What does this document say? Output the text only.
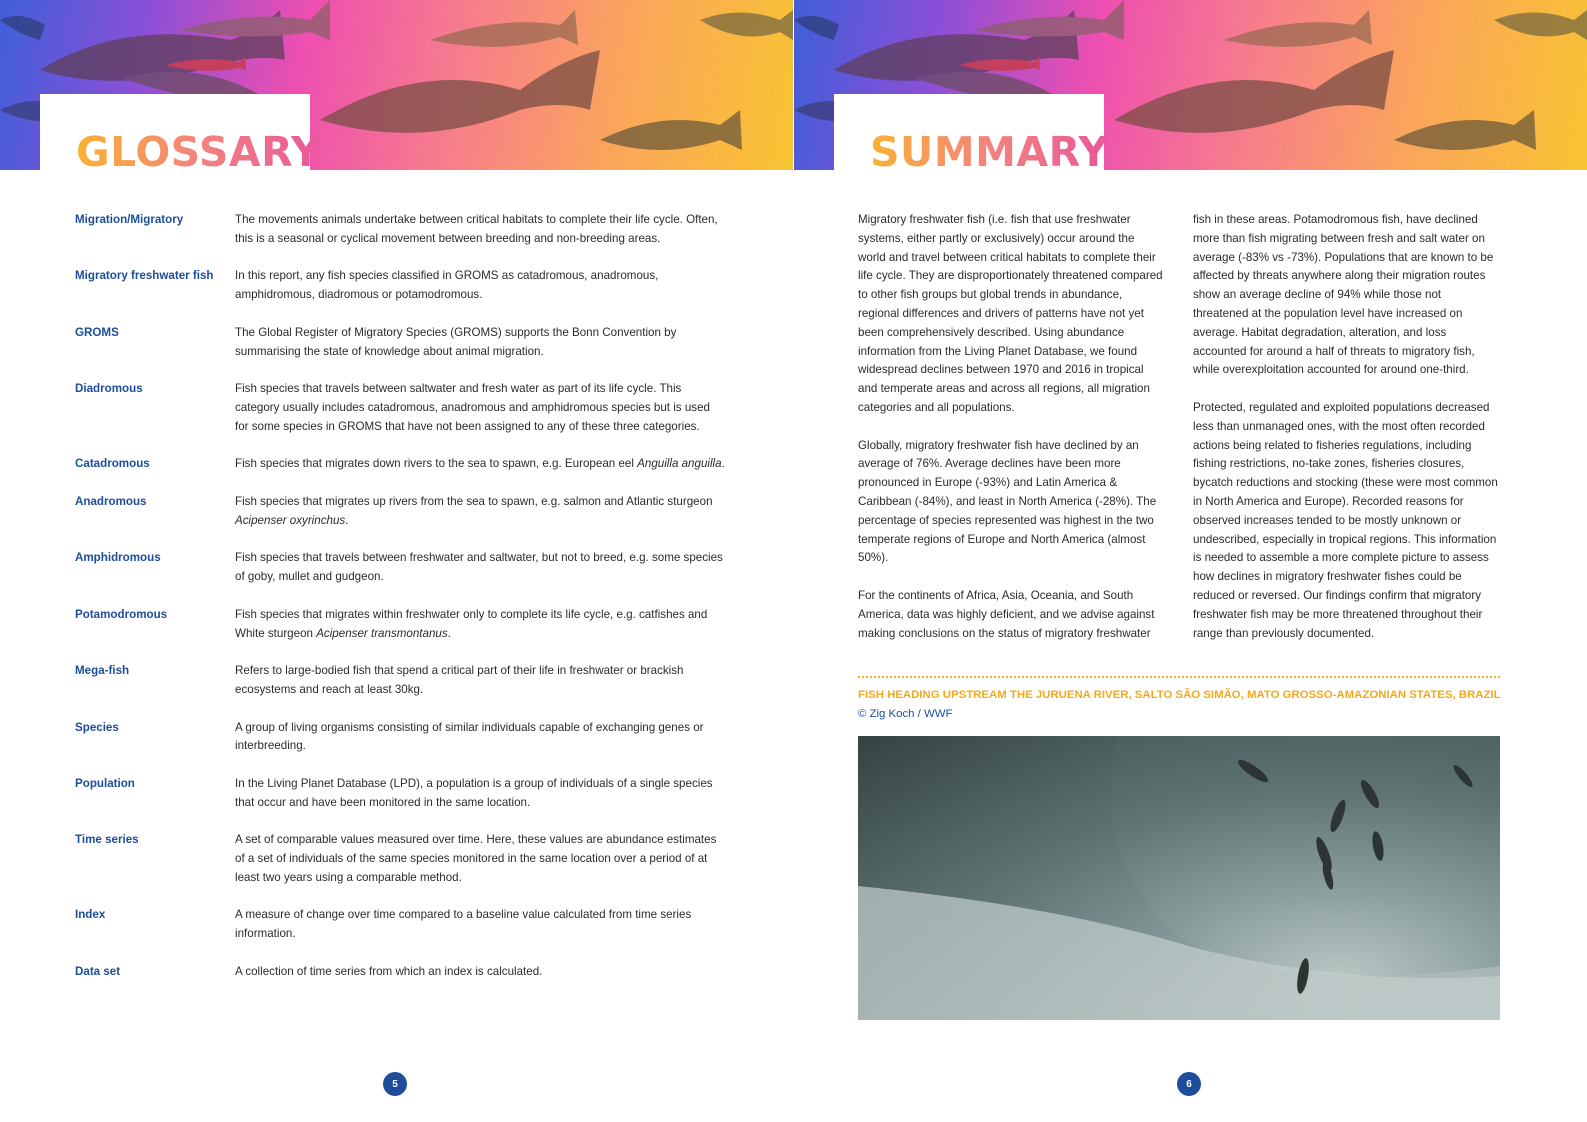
GLOSSARY
Migration/Migratory	The movements animals undertake between critical habitats to complete their life cycle. Often, this is a seasonal or cyclical movement between breeding and non-breeding areas.
Migratory freshwater fish	In this report, any fish species classified in GROMS as catadromous, anadromous, amphidromous, diadromous or potamodromous.
GROMS	The Global Register of Migratory Species (GROMS) supports the Bonn Convention by summarising the state of knowledge about animal migration.
Diadromous	Fish species that travels between saltwater and fresh water as part of its life cycle. This category usually includes catadromous, anadromous and amphidromous species but is used for some species in GROMS that have not been assigned to any of these three categories.
Catadromous	Fish species that migrates down rivers to the sea to spawn, e.g. European eel Anguilla anguilla.
Anadromous	Fish species that migrates up rivers from the sea to spawn, e.g. salmon and Atlantic sturgeon Acipenser oxyrinchus.
Amphidromous	Fish species that travels between freshwater and saltwater, but not to breed, e.g. some species of goby, mullet and gudgeon.
Potamodromous	Fish species that migrates within freshwater only to complete its life cycle, e.g. catfishes and White sturgeon Acipenser transmontanus.
Mega-fish	Refers to large-bodied fish that spend a critical part of their life in freshwater or brackish ecosystems and reach at least 30kg.
Species	A group of living organisms consisting of similar individuals capable of exchanging genes or interbreeding.
Population	In the Living Planet Database (LPD), a population is a group of individuals of a single species that occur and have been monitored in the same location.
Time series	A set of comparable values measured over time. Here, these values are abundance estimates of a set of individuals of the same species monitored in the same location over a period of at least two years using a comparable method.
Index	A measure of change over time compared to a baseline value calculated from time series information.
Data set	A collection of time series from which an index is calculated.
5
SUMMARY

Migratory freshwater fish (i.e. fish that use freshwater systems, either partly or exclusively) occur around the world and travel between critical habitats to complete their life cycle. They are disproportionately threatened compared to other fish groups but global trends in abundance, regional differences and drivers of patterns have not yet been comprehensively described. Using abundance information from the Living Planet Database, we found widespread declines between 1970 and 2016 in tropical and temperate areas and across all regions, all migration categories and all populations.

Globally, migratory freshwater fish have declined by an average of 76%. Average declines have been more pronounced in Europe (-93%) and Latin America & Caribbean (-84%), and least in North America (-28%). The percentage of species represented was highest in the two temperate regions of Europe and North America (almost 50%).

For the continents of Africa, Asia, Oceania, and South America, data was highly deficient, and we advise against making conclusions on the status of migratory freshwater

fish in these areas. Potamodromous fish, have declined more than fish migrating between fresh and salt water on average (-83% vs -73%). Populations that are known to be affected by threats anywhere along their migration routes show an average decline of 94% while those not threatened at the population level have increased on average. Habitat degradation, alteration, and loss accounted for around a half of threats to migratory fish, while overexploitation accounted for around one-third.

Protected, regulated and exploited populations decreased less than unmanaged ones, with the most often recorded actions being related to fisheries regulations, including fishing restrictions, no-take zones, fisheries closures, bycatch reductions and stocking (these were most common in North America and Europe). Recorded reasons for observed increases tended to be mostly unknown or undescribed, especially in tropical regions. This information is needed to assemble a more complete picture to assess how declines in migratory freshwater fishes could be reduced or reversed. Our findings confirm that migratory freshwater fish may be more threatened throughout their range than previously documented.

FISH HEADING UPSTREAM THE JURUENA RIVER, SALTO SÃO SIMÃO, MATO GROSSO-AMAZONIAN STATES, BRAZIL
© Zig Koch / WWF
6
